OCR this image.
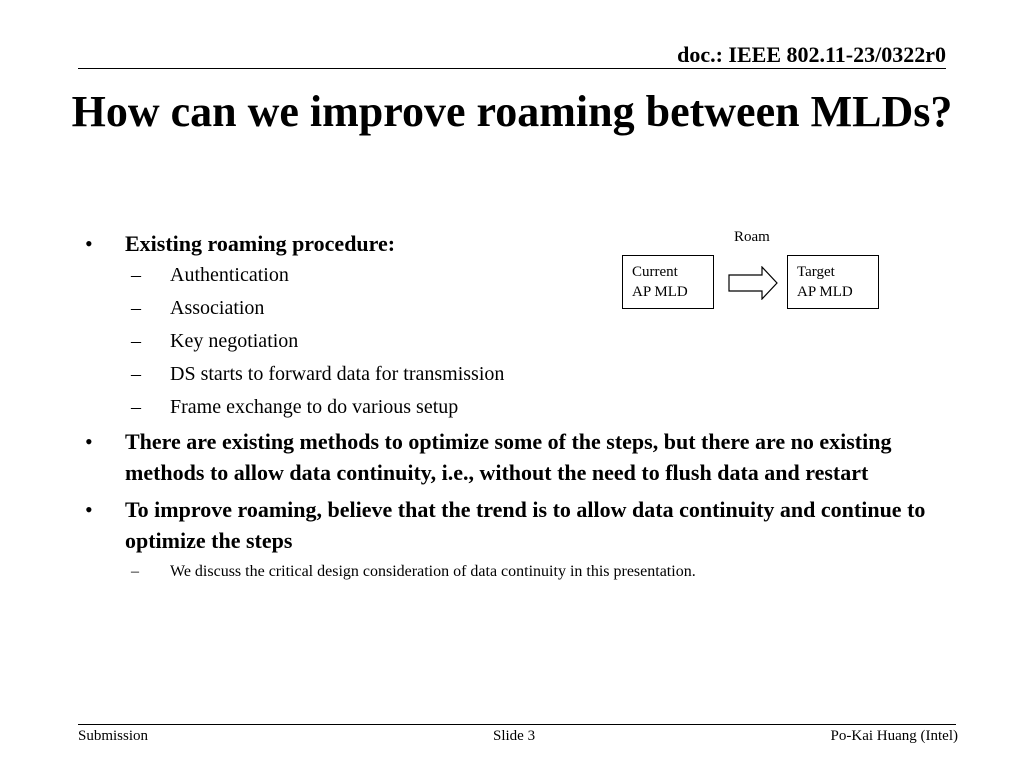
doc.: IEEE 802.11-23/0322r0
How can we improve roaming between MLDs?
• Existing roaming procedure:
– Authentication
– Association
– Key negotiation
– DS starts to forward data for transmission
– Frame exchange to do various setup
• There are existing methods to optimize some of the steps, but there are no existing methods to allow data continuity, i.e., without the need to flush data and restart
• To improve roaming, believe that the trend is to allow data continuity and continue to optimize the steps
– We discuss the critical design consideration of data continuity in this presentation.
Roam
Current
AP MLD
Target
AP MLD
Submission	Slide 3	Po-Kai Huang (Intel)
